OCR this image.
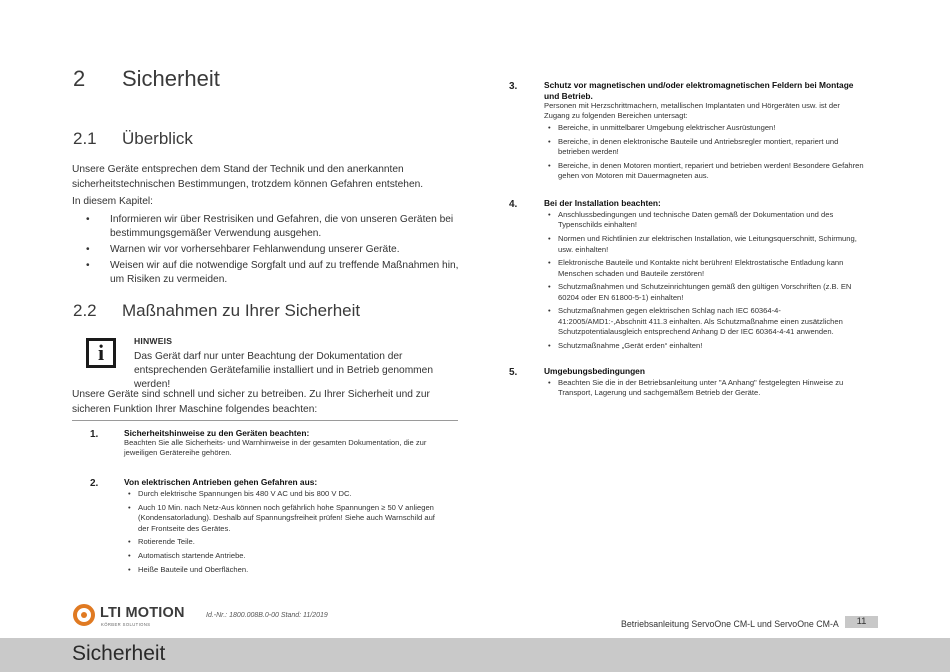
2 Sicherheit
2.1 Überblick
Unsere Geräte entsprechen dem Stand der Technik und den anerkannten sicherheitstechnischen Bestimmungen, trotzdem können Gefahren entstehen.
In diesem Kapitel:
• Informieren wir über Restrisiken und Gefahren, die von unseren Geräten bei bestimmungsgemäßer Verwendung ausgehen.
• Warnen wir vor vorhersehbarer Fehlanwendung unserer Geräte.
• Weisen wir auf die notwendige Sorgfalt und auf zu treffende Maßnahmen hin, um Risiken zu vermeiden.
2.2 Maßnahmen zu Ihrer Sicherheit
i	HINWEIS
Das Gerät darf nur unter Beachtung der Dokumentation der entsprechenden Gerätefamilie installiert und in Betrieb genommen werden!
Unsere Geräte sind schnell und sicher zu betreiben. Zu Ihrer Sicherheit und zur sicheren Funktion Ihrer Maschine folgendes beachten:
1.	Sicherheitshinweise zu den Geräten beachten:
Beachten Sie alle Sicherheits- und Warnhinweise in der gesamten Dokumentation, die zur jeweiligen Gerätereihe gehören.
2.	Von elektrischen Antrieben gehen Gefahren aus:
• Durch elektrische Spannungen bis 480 V AC und bis 800 V DC.
• Auch 10 Min. nach Netz-Aus können noch gefährlich hohe Spannungen ≥ 50 V anliegen (Kondensatorladung). Deshalb auf Spannungsfreiheit prüfen! Siehe auch Warnschild auf der Frontseite des Gerätes.
• Rotierende Teile.
• Automatisch startende Antriebe.
• Heiße Bauteile und Oberflächen.
3.	Schutz vor magnetischen und/oder elektromagnetischen Feldern bei Montage und Betrieb.
Personen mit Herzschrittmachern, metallischen Implantaten und Hörgeräten usw. ist der Zugang zu folgenden Bereichen untersagt:
• Bereiche, in unmittelbarer Umgebung elektrischer Ausrüstungen!
• Bereiche, in denen elektronische Bauteile und Antriebsregler montiert, repariert und betrieben werden!
• Bereiche, in denen Motoren montiert, repariert und betrieben werden! Besondere Gefahren gehen von Motoren mit Dauermagneten aus.
4.	Bei der Installation beachten:
• Anschlussbedingungen und technische Daten gemäß der Dokumentation und des Typenschilds einhalten!
• Normen und Richtlinien zur elektrischen Installation, wie Leitungsquerschnitt, Schirmung, usw. einhalten!
• Elektronische Bauteile und Kontakte nicht berühren! Elektrostatische Entladung kann Menschen schaden und Bauteile zerstören!
• Schutzmaßnahmen und Schutzeinrichtungen gemäß den gültigen Vorschriften (z.B. EN 60204 oder EN 61800-5-1) einhalten!
• Schutzmaßnahmen gegen elektrischen Schlag nach IEC 60364-4-41:2005/AMD1:-,Abschnitt 411.3 einhalten. Als Schutzmaßnahme einen zusätzlichen Schutzpotentialausgleich entsprechend Anhang D der IEC 60364-4-41 anwenden.
• Schutzmaßnahme „Gerät erden“ einhalten!
5.	Umgebungsbedingungen
• Beachten Sie die in der Betriebsanleitung unter "A Anhang" festgelegten Hinweise zu Transport, Lagerung und sachgemäßem Betrieb der Geräte.
LTI MOTION
KÖRBER SOLUTIONS
Id.-Nr.: 1800.008B.0-00 Stand: 11/2019
Betriebsanleitung ServoOne CM-L und ServoOne CM-A	11
Sicherheit
